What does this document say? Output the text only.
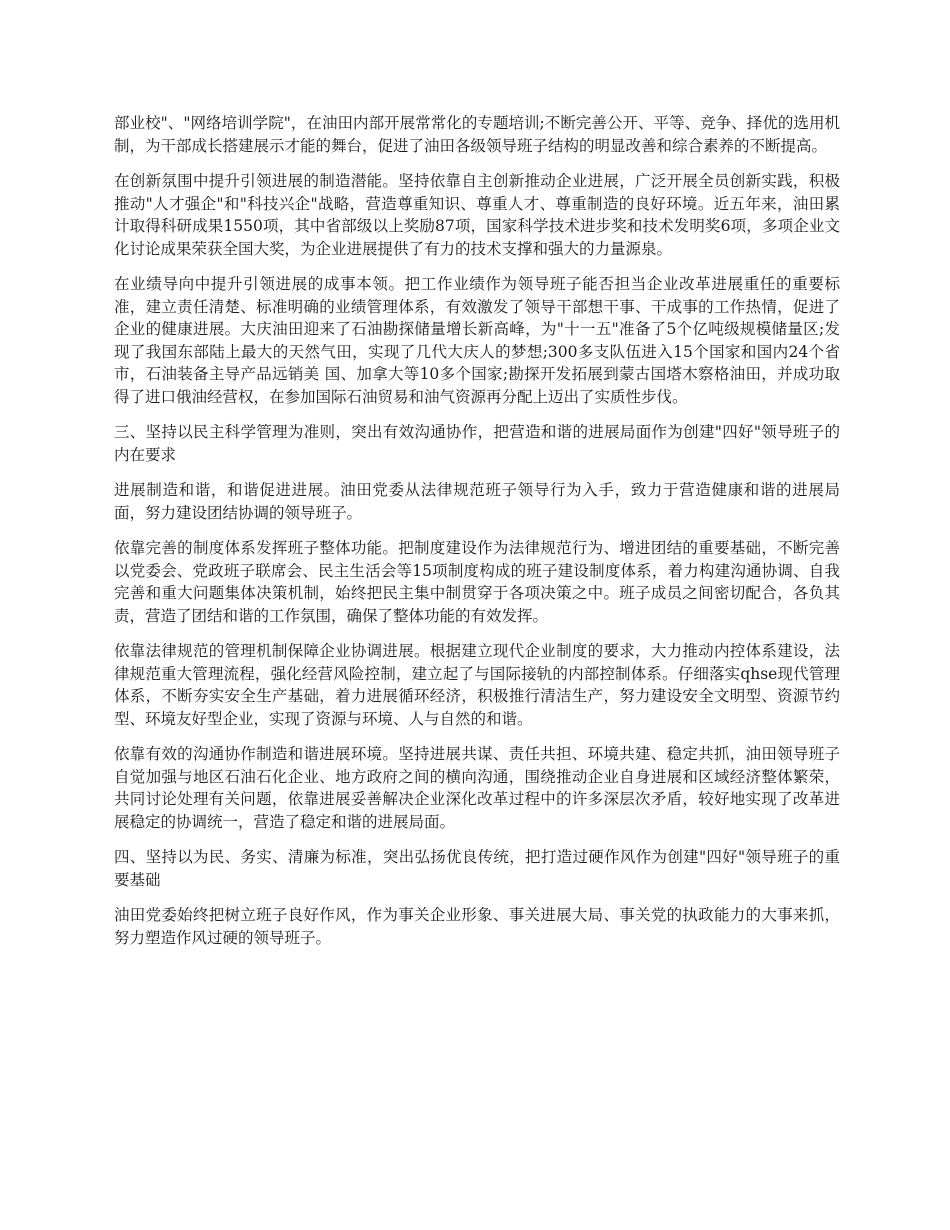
部业校"、"网络培训学院"，在油田内部开展常常化的专题培训;不断完善公开、平等、竞争、择优的选用机制，为干部成长搭建展示才能的舞台，促进了油田各级领导班子结构的明显改善和综合素养的不断提高。

在创新氛围中提升引领进展的制造潜能。坚持依靠自主创新推动企业进展，广泛开展全员创新实践，积极推动"人才强企"和"科技兴企"战略，营造尊重知识、尊重人才、尊重制造的良好环境。近五年来，油田累计取得科研成果1550项，其中省部级以上奖励87项，国家科学技术进步奖和技术发明奖6项，多项企业文化讨论成果荣获全国大奖，为企业进展提供了有力的技术支撑和强大的力量源泉。

在业绩导向中提升引领进展的成事本领。把工作业绩作为领导班子能否担当企业改革进展重任的重要标准，建立责任清楚、标准明确的业绩管理体系，有效激发了领导干部想干事、干成事的工作热情，促进了企业的健康进展。大庆油田迎来了石油勘探储量增长新高峰，为"十一五"准备了5个亿吨级规模储量区;发现了我国东部陆上最大的天然气田，实现了几代大庆人的梦想;300多支队伍进入15个国家和国内24个省市，石油装备主导产品远销美 国、加拿大等10多个国家;勘探开发拓展到蒙古国塔木察格油田，并成功取得了进口俄油经营权，在参加国际石油贸易和油气资源再分配上迈出了实质性步伐。

三、坚持以民主科学管理为准则，突出有效沟通协作，把营造和谐的进展局面作为创建"四好"领导班子的内在要求

进展制造和谐，和谐促进进展。油田党委从法律规范班子领导行为入手，致力于营造健康和谐的进展局面，努力建设团结协调的领导班子。

依靠完善的制度体系发挥班子整体功能。把制度建设作为法律规范行为、增进团结的重要基础，不断完善以党委会、党政班子联席会、民主生活会等15项制度构成的班子建设制度体系，着力构建沟通协调、自我完善和重大问题集体决策机制，始终把民主集中制贯穿于各项决策之中。班子成员之间密切配合，各负其责，营造了团结和谐的工作氛围，确保了整体功能的有效发挥。

依靠法律规范的管理机制保障企业协调进展。根据建立现代企业制度的要求，大力推动内控体系建设，法律规范重大管理流程，强化经营风险控制，建立起了与国际接轨的内部控制体系。仔细落实qhse现代管理体系，不断夯实安全生产基础，着力进展循环经济，积极推行清洁生产，努力建设安全文明型、资源节约型、环境友好型企业，实现了资源与环境、人与自然的和谐。

依靠有效的沟通协作制造和谐进展环境。坚持进展共谋、责任共担、环境共建、稳定共抓，油田领导班子自觉加强与地区石油石化企业、地方政府之间的横向沟通，围绕推动企业自身进展和区域经济整体繁荣，共同讨论处理有关问题，依靠进展妥善解决企业深化改革过程中的许多深层次矛盾，较好地实现了改革进展稳定的协调统一，营造了稳定和谐的进展局面。

四、坚持以为民、务实、清廉为标准，突出弘扬优良传统，把打造过硬作风作为创建"四好"领导班子的重要基础

油田党委始终把树立班子良好作风，作为事关企业形象、事关进展大局、事关党的执政能力的大事来抓，努力塑造作风过硬的领导班子。
